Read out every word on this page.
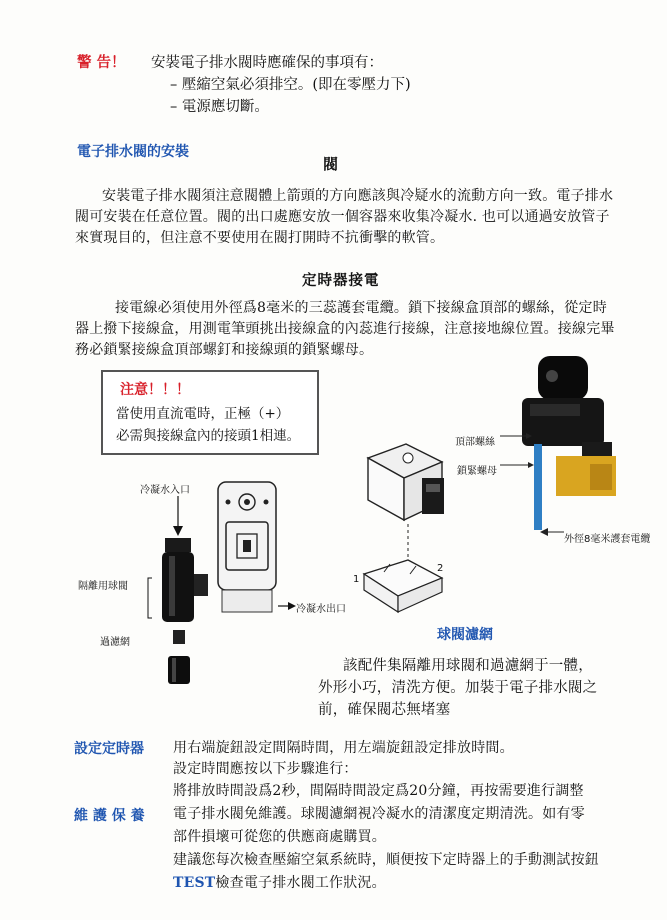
警 告！ 安裝電子排水閥時應確保的事項有：
– 壓縮空氣必須排空。(即在零壓力下)
– 電源應切斷。
電子排水閥的安裝
閥
安裝電子排水閥須注意閥體上箭頭的方向應該與冷疑水的流動方向一致。電子排水
閥可安裝在任意位置。閥的出口處應安放一個容器來收集冷凝水. 也可以通過安放管子
來實現目的，但注意不要使用在閥打開時不抗衝擊的軟管。
定時器接電
接電線必須使用外徑爲8毫米的三蕊護套電纜。鎖下接線盒頂部的螺絲，從定時
器上撥下接線盒，用測電筆頭挑出接線盒的內蕊進行接線，注意接地線位置。接線完畢
務必鎖緊接線盒頂部螺釘和接線頭的鎖緊螺母。
注意！！！
當使用直流電時，正極（+）
必需與接線盒內的接頭1相連。
冷凝水入口
隔離用球閥
冷凝水出口
過濾網
1
2
頂部螺絲
鎖緊螺母
外徑8毫米護套電纜
球閥濾網
該配件集隔離用球閥和過濾網于一體，
外形小巧，清洗方便。加裝于電子排水閥之
前，確保閥芯無堵塞
設定定時器 用右端旋鈕設定間隔時間，用左端旋鈕設定排放時間。
設定時間應按以下步驟進行：
維 護 保 養
將排放時間設爲2秒，間隔時間設定爲20分鐘，再按需要進行調整
電子排水閥免維護。球閥濾網視冷凝水的清潔度定期清洗。如有零
部件損壞可從您的供應商處購買。
建議您每次檢查壓縮空氣系統時，順便按下定時器上的手動測試按鈕
TEST檢查電子排水閥工作狀況。
